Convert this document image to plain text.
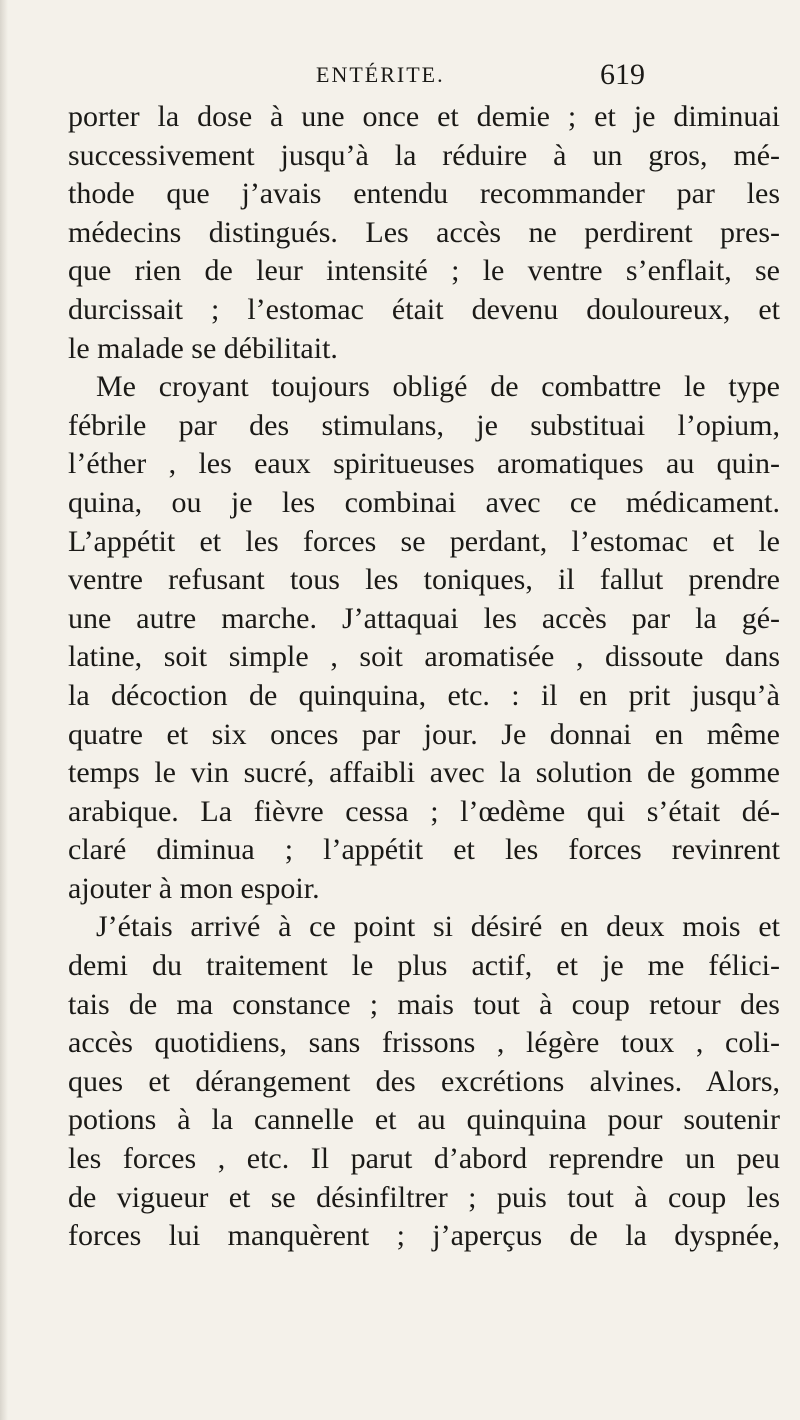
ENTÉRITE.	619
porter la dose à une once et demie ; et je diminuai
successivement jusqu’à la réduire à un gros, mé-
thode que j’avais entendu recommander par les
médecins distingués. Les accès ne perdirent pres-
que rien de leur intensité ; le ventre s’enflait, se
durcissait ; l’estomac était devenu douloureux, et
le malade se débilitait.
Me croyant toujours obligé de combattre le type
fébrile par des stimulans, je substituai l’opium,
l’éther , les eaux spiritueuses aromatiques au quin-
quina, ou je les combinai avec ce médicament.
L’appétit et les forces se perdant, l’estomac et le
ventre refusant tous les toniques, il fallut prendre
une autre marche. J’attaquai les accès par la gé-
latine, soit simple , soit aromatisée , dissoute dans
la décoction de quinquina, etc. : il en prit jusqu’à
quatre et six onces par jour. Je donnai en même
temps le vin sucré, affaibli avec la solution de gomme
arabique. La fièvre cessa ; l’œdème qui s’était dé-
claré diminua ; l’appétit et les forces revinrent
ajouter à mon espoir.
J’étais arrivé à ce point si désiré en deux mois et
demi du traitement le plus actif, et je me félici-
tais de ma constance ; mais tout à coup retour des
accès quotidiens, sans frissons , légère toux , coli-
ques et dérangement des excrétions alvines. Alors,
potions à la cannelle et au quinquina pour soutenir
les forces , etc. Il parut d’abord reprendre un peu
de vigueur et se désinfiltrer ; puis tout à coup les
forces lui manquèrent ; j’aperçus de la dyspnée,
